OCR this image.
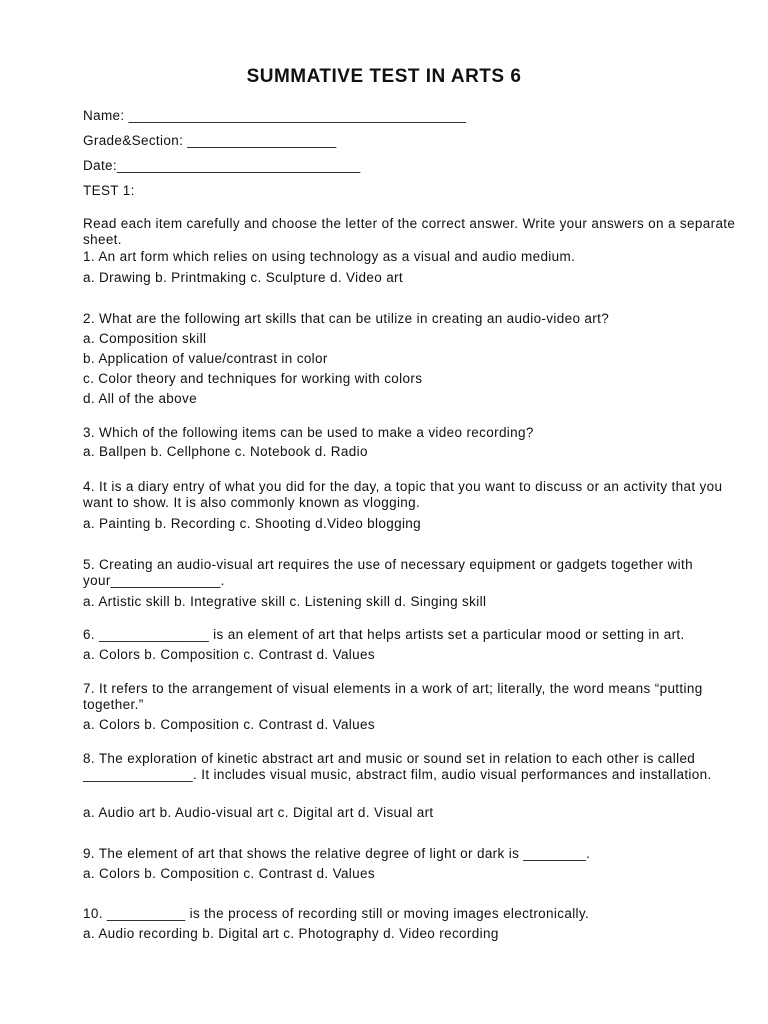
SUMMATIVE TEST IN ARTS 6
Name: ___________________________________________
Grade&Section: ___________________
Date:_______________________________
TEST 1:
Read each item carefully and choose the letter of the correct answer. Write your answers on a separate sheet.
1. An art form which relies on using technology as a visual and audio medium.
a. Drawing b. Printmaking c. Sculpture d. Video art
2. What are the following art skills that can be utilize in creating an audio-video art?
a. Composition skill
b. Application of value/contrast in color
c. Color theory and techniques for working with colors
d. All of the above
3. Which of the following items can be used to make a video recording?
a. Ballpen b. Cellphone c. Notebook d. Radio
4. It is a diary entry of what you did for the day, a topic that you want to discuss or an activity that you want to show. It is also commonly known as vlogging.
a. Painting b. Recording c. Shooting d.Video blogging
5. Creating an audio-visual art requires the use of necessary equipment or gadgets together with your______________.
a. Artistic skill b. Integrative skill c. Listening skill d. Singing skill
6. ______________ is an element of art that helps artists set a particular mood or setting in art.
a. Colors b. Composition c. Contrast d. Values
7. It refers to the arrangement of visual elements in a work of art; literally, the word means “putting together.”
a. Colors b. Composition c. Contrast d. Values
8. The exploration of kinetic abstract art and music or sound set in relation to each other is called ______________. It includes visual music, abstract film, audio visual performances and installation.
a. Audio art b. Audio-visual art c. Digital art d. Visual art
9. The element of art that shows the relative degree of light or dark is ________.
a. Colors b. Composition c. Contrast d. Values
10. __________ is the process of recording still or moving images electronically.
a. Audio recording b. Digital art c. Photography d. Video recording
